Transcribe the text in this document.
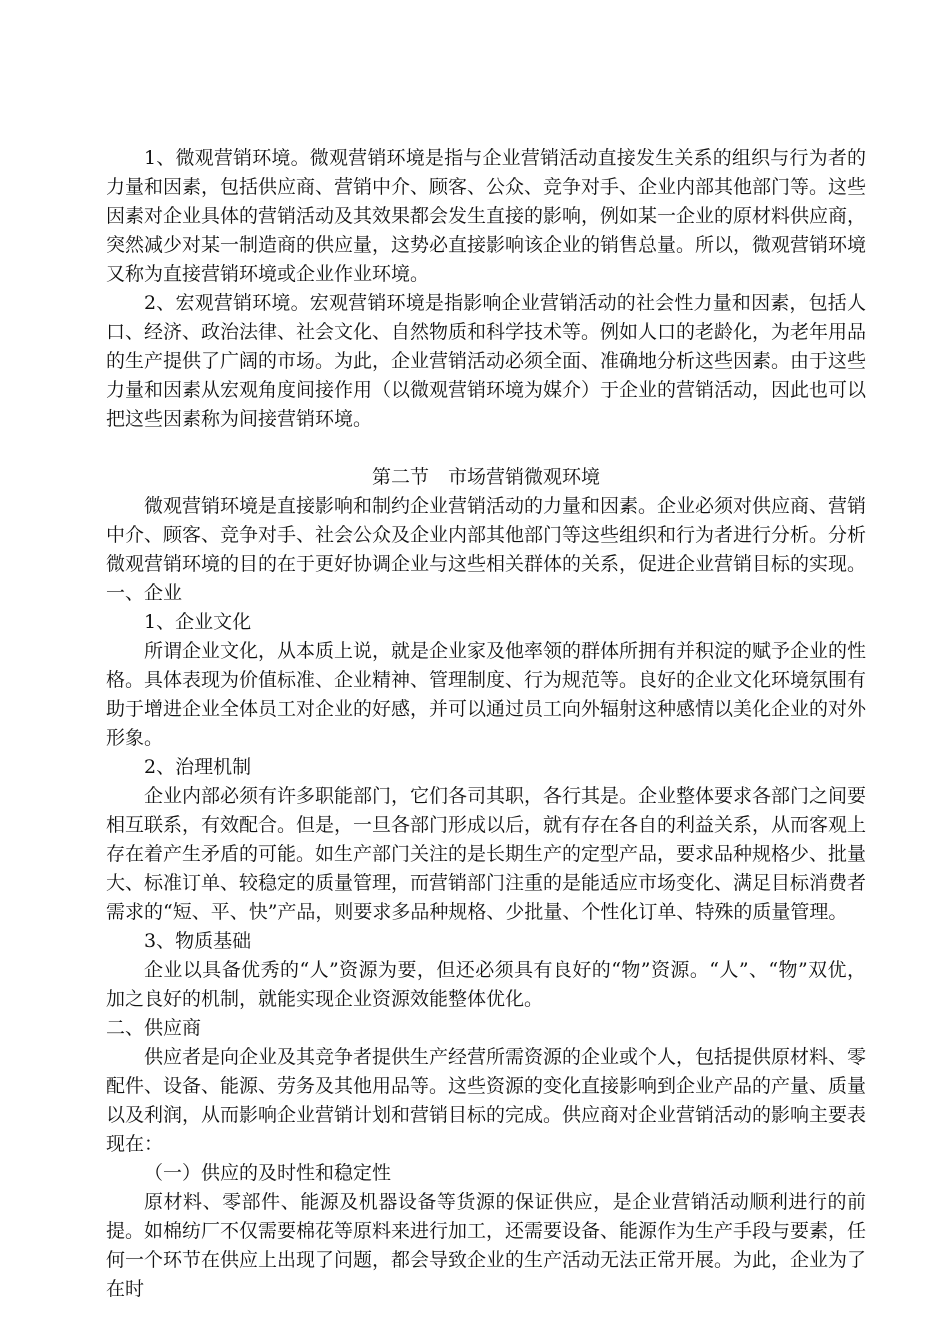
1、微观营销环境。微观营销环境是指与企业营销活动直接发生关系的组织与行为者的力量和因素，包括供应商、营销中介、顾客、公众、竞争对手、企业内部其他部门等。这些因素对企业具体的营销活动及其效果都会发生直接的影响，例如某一企业的原材料供应商，突然减少对某一制造商的供应量，这势必直接影响该企业的销售总量。所以，微观营销环境又称为直接营销环境或企业作业环境。

2、宏观营销环境。宏观营销环境是指影响企业营销活动的社会性力量和因素，包括人口、经济、政治法律、社会文化、自然物质和科学技术等。例如人口的老龄化，为老年用品的生产提供了广阔的市场。为此，企业营销活动必须全面、准确地分析这些因素。由于这些力量和因素从宏观角度间接作用（以微观营销环境为媒介）于企业的营销活动，因此也可以把这些因素称为间接营销环境。

第二节　市场营销微观环境

微观营销环境是直接影响和制约企业营销活动的力量和因素。企业必须对供应商、营销中介、顾客、竞争对手、社会公众及企业内部其他部门等这些组织和行为者进行分析。分析微观营销环境的目的在于更好协调企业与这些相关群体的关系，促进企业营销目标的实现。

一、企业

1、企业文化

所谓企业文化，从本质上说，就是企业家及他率领的群体所拥有并积淀的赋予企业的性格。具体表现为价值标准、企业精神、管理制度、行为规范等。良好的企业文化环境氛围有助于增进企业全体员工对企业的好感，并可以通过员工向外辐射这种感情以美化企业的对外形象。

2、治理机制

企业内部必须有许多职能部门，它们各司其职，各行其是。企业整体要求各部门之间要相互联系，有效配合。但是，一旦各部门形成以后，就有存在各自的利益关系，从而客观上存在着产生矛盾的可能。如生产部门关注的是长期生产的定型产品，要求品种规格少、批量大、标准订单、较稳定的质量管理，而营销部门注重的是能适应市场变化、满足目标消费者需求的“短、平、快”产品，则要求多品种规格、少批量、个性化订单、特殊的质量管理。

3、物质基础

企业以具备优秀的“人”资源为要，但还必须具有良好的“物”资源。“人”、“物”双优，加之良好的机制，就能实现企业资源效能整体优化。

二、供应商

供应者是向企业及其竞争者提供生产经营所需资源的企业或个人，包括提供原材料、零配件、设备、能源、劳务及其他用品等。这些资源的变化直接影响到企业产品的产量、质量以及利润，从而影响企业营销计划和营销目标的完成。供应商对企业营销活动的影响主要表现在：

（一）供应的及时性和稳定性

原材料、零部件、能源及机器设备等货源的保证供应，是企业营销活动顺利进行的前提。如棉纺厂不仅需要棉花等原料来进行加工，还需要设备、能源作为生产手段与要素，任何一个环节在供应上出现了问题，都会导致企业的生产活动无法正常开展。为此，企业为了在时
